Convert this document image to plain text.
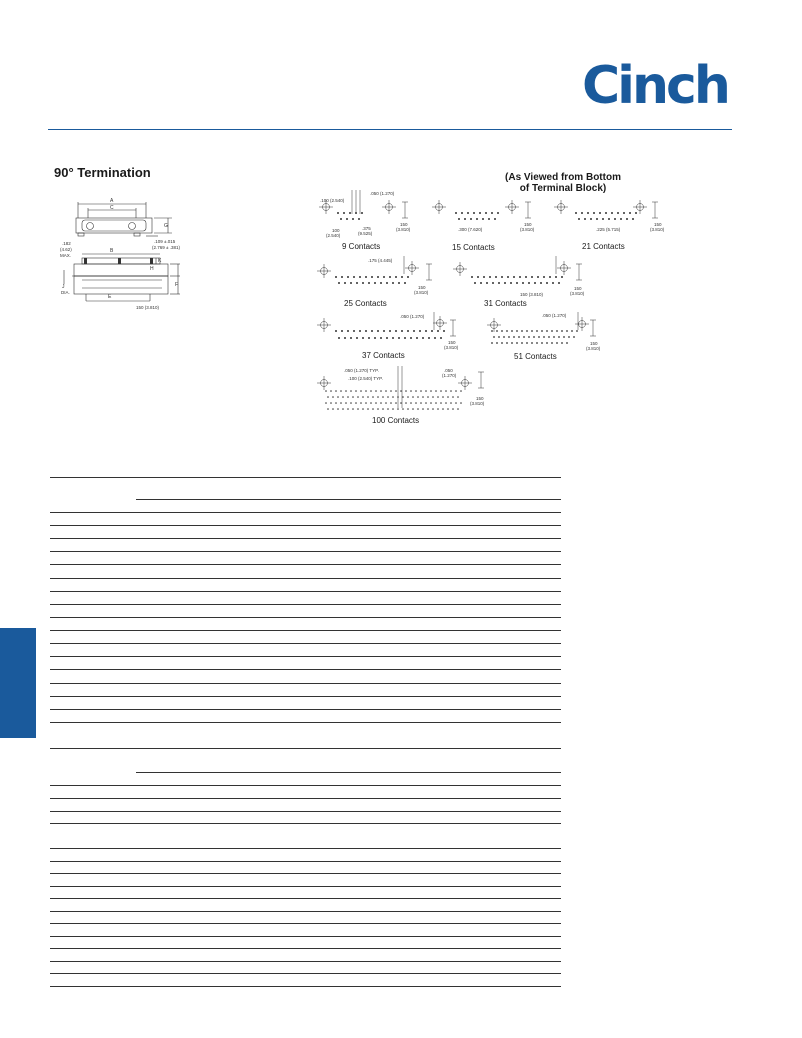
Cinch
90° Termination	(As Viewed from Bottom
of Terminal Block)
A
C
G
.109 ±.015
(2.769 ± .381)
.182
(4.62)
MAX.
B
K
H
F
J
DIA.
E
150 (3.810)
.100 (2.540)
.050 (1.270)
100
(2.540)
.375
(9.525)
150
(3.810)
9 Contacts
.300 (7.620)
150
(3.810)
15 Contacts
.225 (5.715)
150
(3.810)
21 Contacts
.175 (4.445)
150
(3.810)
25 Contacts
150 (3.810)
150
(3.810)
31 Contacts
.050 (1.270)
150
(3.810)
37 Contacts
.050 (1.270)
150
(3.810)
51 Contacts
.050 (1.270) TYP.
.100 (2.540) TYP.
.050
(1.270)
150
(3.810)
100 Contacts
